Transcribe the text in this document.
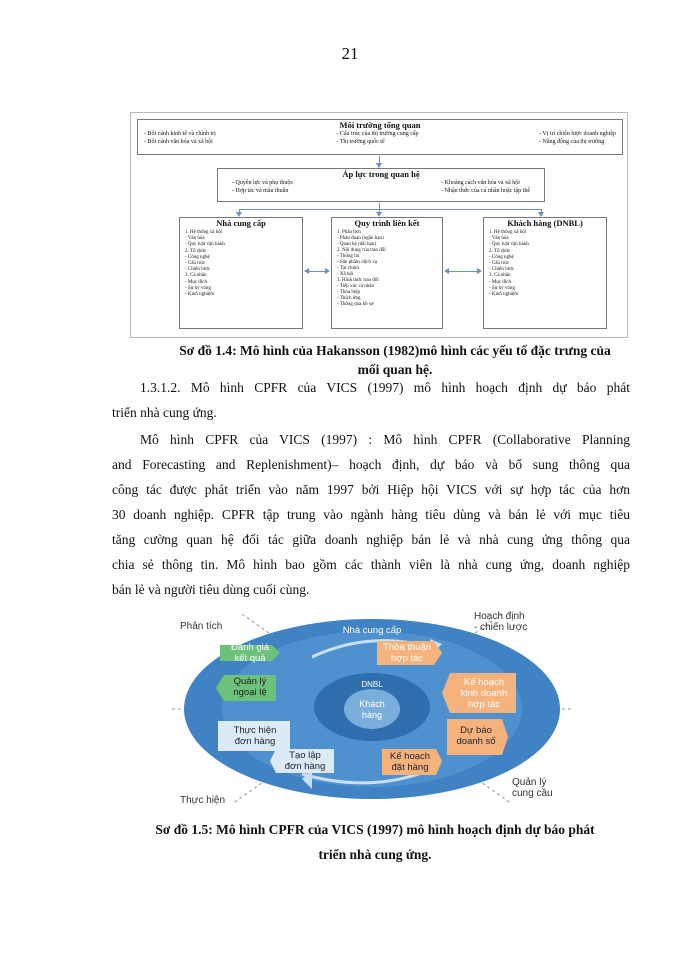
21
Môi trường tổng quan
- Bối cảnh kinh tế và chính trị
- Bối cảnh văn hóa và xã hội
- Cấu trúc của thị trường cung cấp
- Thị trường quốc tế
- Vị trí chiến lược doanh nghiệp
- Năng động của thị trường
Áp lực trong quan hệ
- Quyền lực và phụ thuộc
- Hợp tác và mâu thuẫn
- Khoảng cách văn hóa và xã hội
- Nhận thức của cá nhân hoặc tập thể
Nhà cung cấp
1. Hệ thống xã hội
- Văn hóa
- Quy luật vận hành
2. Tổ chức
- Công nghệ
- Cấu trúc
- Chiến lược
3. Cá nhân
- Mục đích
- Sự kỳ vọng
- Kinh nghiệm
Quy trình liên kết
1. Phân tích
- Phân đoạn (ngắn hạn)
- Quan hệ (dài hạn)
2. Nội dung của trao đổi
- Thông tin
- Sản phẩm /dịch vụ
- Tài chính
- Xã hội
3. Hình thức trao đổi
- Tiếp xúc cá nhân
- Thỏa hiệp
- Thích ứng
- Thông qua hồ sơ
Khách hàng (DNBL)
1. Hệ thống xã hội
- Văn hóa
- Quy luật vận hành
2. Tổ chức
- Công nghệ
- Cấu trúc
- Chiến lược
3. Cá nhân
- Mục đích
- Sự kỳ vọng
- Kinh nghiệm
Sơ đồ 1.4: Mô hình của Hakansson (1982)mô hình các yếu tố đặc trưng của
mối quan hệ.
1.3.1.2. Mô hình CPFR của VICS (1997) mô hình hoạch định dự báo phát
triển nhà cung ứng.
Mô hình CPFR của VICS (1997) : Mô hình CPFR (Collaborative Planning
and Forecasting and Replenishment)– hoạch định, dự báo và bổ sung thông qua
công tác được phát triển vào năm 1997 bởi Hiệp hội VICS với sự hợp tác của hơn
30 doanh nghiệp. CPFR tập trung vào ngành hàng tiêu dùng và bán lẻ với mục tiêu
tăng cường quan hệ đối tác giữa doanh nghiệp bán lẻ và nhà cung ứng thông qua
chia sẻ thông tin. Mô hình bao gồm các thành viên là nhà cung ứng, doanh nghiệp
bán lẻ và người tiêu dùng cuối cùng.
Phân tích
Hoạch định
- chiến lược
Thực hiện
Quản lý
cung cầu
Nhà cung cấp
DNBL
Khách
hàng
Đánh giá
kết quả
Thỏa thuận
hợp tác
Quản lý
ngoại lệ
Kế hoạch
kinh doanh
hợp tác
Thực hiện
đơn hàng
Dự báo
doanh số
Tạo lập
đơn hàng
Kế hoạch
đặt hàng
Sơ đồ 1.5: Mô hình CPFR của VICS (1997) mô hình hoạch định dự báo phát
triển nhà cung ứng.
